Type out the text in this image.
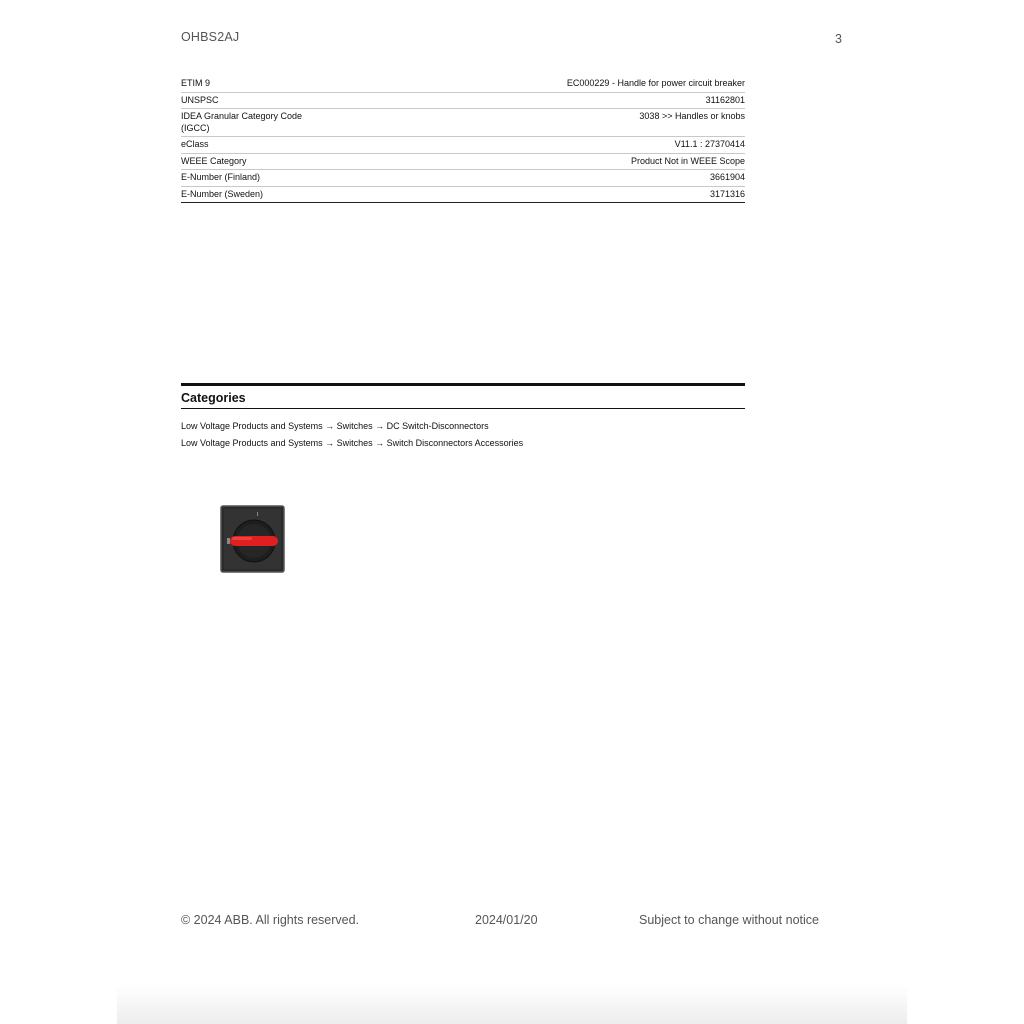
OHBS2AJ	3
ETIM 9	EC000229 - Handle for power circuit breaker
UNSPSC	31162801
IDEA Granular Category Code (IGCC)	3038 >> Handles or knobs
eClass	V11.1 : 27370414
WEEE Category	Product Not in WEEE Scope
E-Number (Finland)	3661904
E-Number (Sweden)	3171316
Categories
Low Voltage Products and Systems → Switches → DC Switch-Disconnectors
Low Voltage Products and Systems → Switches → Switch Disconnectors Accessories
I
© 2024 ABB. All rights reserved.	2024/01/20	Subject to change without notice
